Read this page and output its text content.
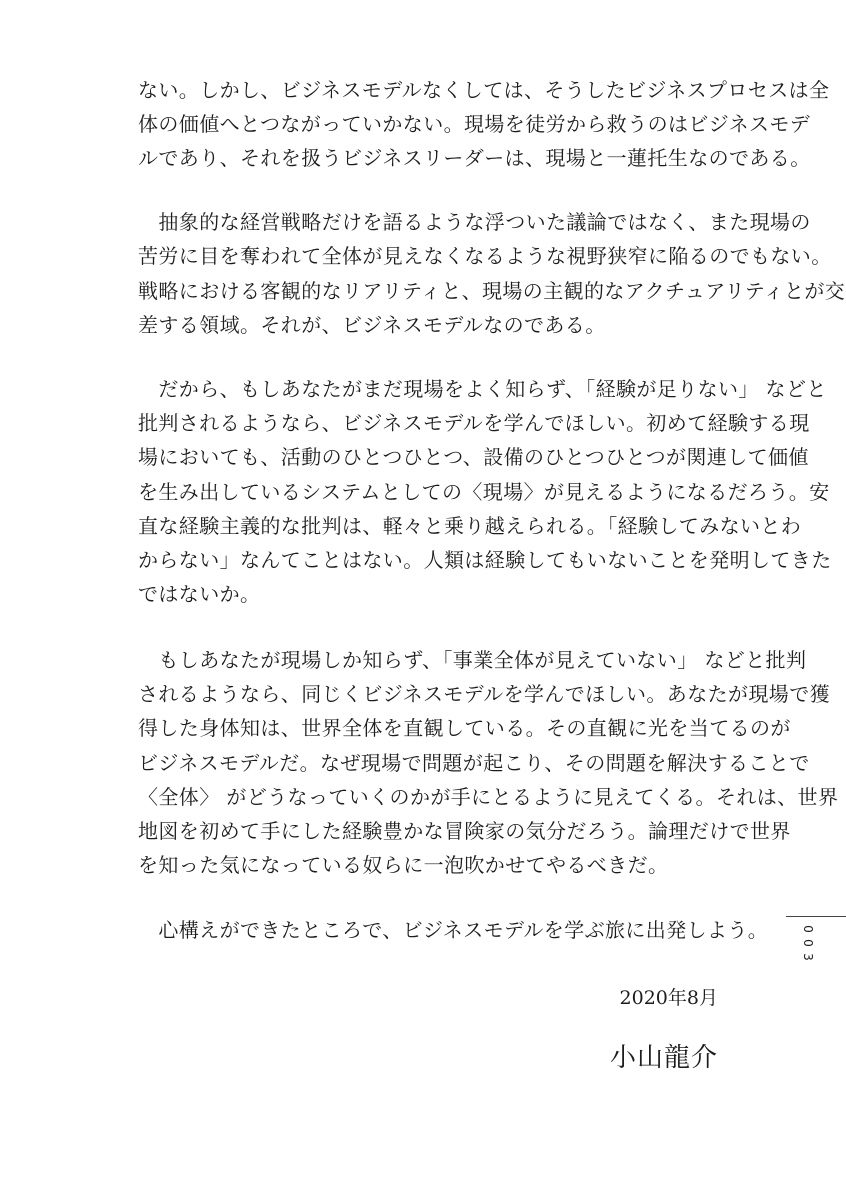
ない。しかし、ビジネスモデルなくしては、そうしたビジネスプロセスは全
体の価値へとつながっていかない。現場を徒労から救うのはビジネスモデ
ルであり、それを扱うビジネスリーダーは、現場と一蓮托生なのである。
　抽象的な経営戦略だけを語るような浮ついた議論ではなく、また現場の
苦労に目を奪われて全体が見えなくなるような視野狭窄に陥るのでもない。
戦略における客観的なリアリティと、現場の主観的なアクチュアリティとが交
差する領域。それが、ビジネスモデルなのである。
　だから、もしあなたがまだ現場をよく知らず、「経験が足りない」 などと
批判されるようなら、ビジネスモデルを学んでほしい。初めて経験する現
場においても、活動のひとつひとつ、設備のひとつひとつが関連して価値
を生み出しているシステムとしての〈現場〉が見えるようになるだろう。安
直な経験主義的な批判は、軽々と乗り越えられる。「経験してみないとわ
からない」なんてことはない。人類は経験してもいないことを発明してきた
ではないか。
　もしあなたが現場しか知らず、「事業全体が見えていない」 などと批判
されるようなら、同じくビジネスモデルを学んでほしい。あなたが現場で獲
得した身体知は、世界全体を直観している。その直観に光を当てるのが
ビジネスモデルだ。なぜ現場で問題が起こり、その問題を解決することで
〈全体〉 がどうなっていくのかが手にとるように見えてくる。それは、世界
地図を初めて手にした経験豊かな冒険家の気分だろう。論理だけで世界
を知った気になっている奴らに一泡吹かせてやるべきだ。
　心構えができたところで、ビジネスモデルを学ぶ旅に出発しよう。
2020年8月
小山龍介
0
0
3
